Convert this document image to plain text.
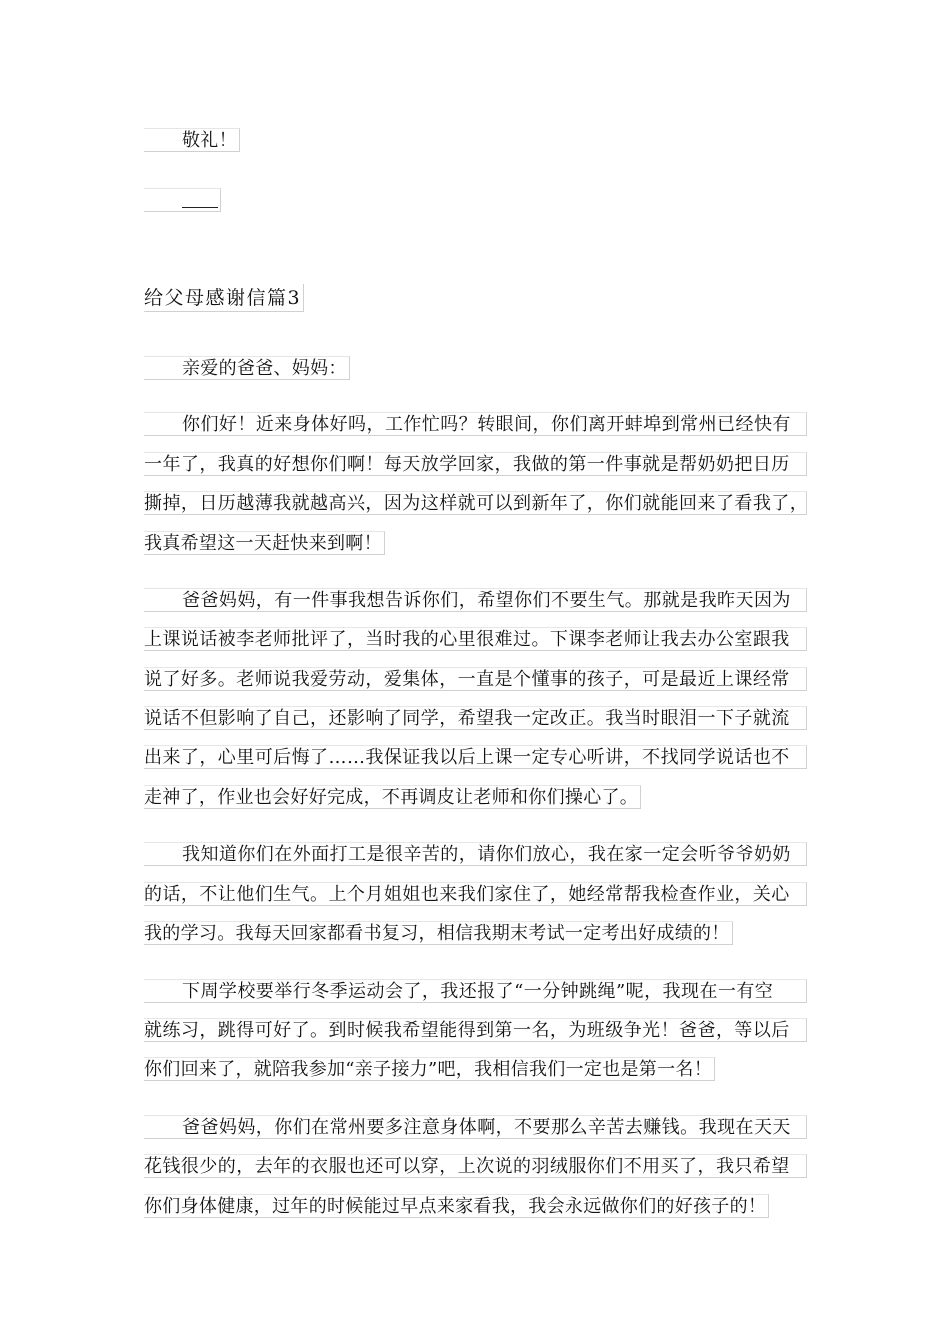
敬礼！
给父母感谢信篇3
亲爱的爸爸、妈妈：
你们好！近来身体好吗，工作忙吗？转眼间，你们离开蚌埠到常州已经快有
一年了，我真的好想你们啊！每天放学回家，我做的第一件事就是帮奶奶把日历
撕掉，日历越薄我就越高兴，因为这样就可以到新年了，你们就能回来了看我了，
我真希望这一天赶快来到啊！
爸爸妈妈，有一件事我想告诉你们，希望你们不要生气。那就是我昨天因为
上课说话被李老师批评了，当时我的心里很难过。下课李老师让我去办公室跟我
说了好多。老师说我爱劳动，爱集体，一直是个懂事的孩子，可是最近上课经常
说话不但影响了自己，还影响了同学，希望我一定改正。我当时眼泪一下子就流
出来了，心里可后悔了……我保证我以后上课一定专心听讲，不找同学说话也不
走神了，作业也会好好完成，不再调皮让老师和你们操心了。
我知道你们在外面打工是很辛苦的，请你们放心，我在家一定会听爷爷奶奶
的话，不让他们生气。上个月姐姐也来我们家住了，她经常帮我检查作业，关心
我的学习。我每天回家都看书复习，相信我期末考试一定考出好成绩的！
下周学校要举行冬季运动会了，我还报了“一分钟跳绳”呢，我现在一有空
就练习，跳得可好了。到时候我希望能得到第一名，为班级争光！爸爸，等以后
你们回来了，就陪我参加“亲子接力”吧，我相信我们一定也是第一名！
爸爸妈妈，你们在常州要多注意身体啊，不要那么辛苦去赚钱。我现在天天
花钱很少的，去年的衣服也还可以穿，上次说的羽绒服你们不用买了，我只希望
你们身体健康，过年的时候能过早点来家看我，我会永远做你们的好孩子的！
